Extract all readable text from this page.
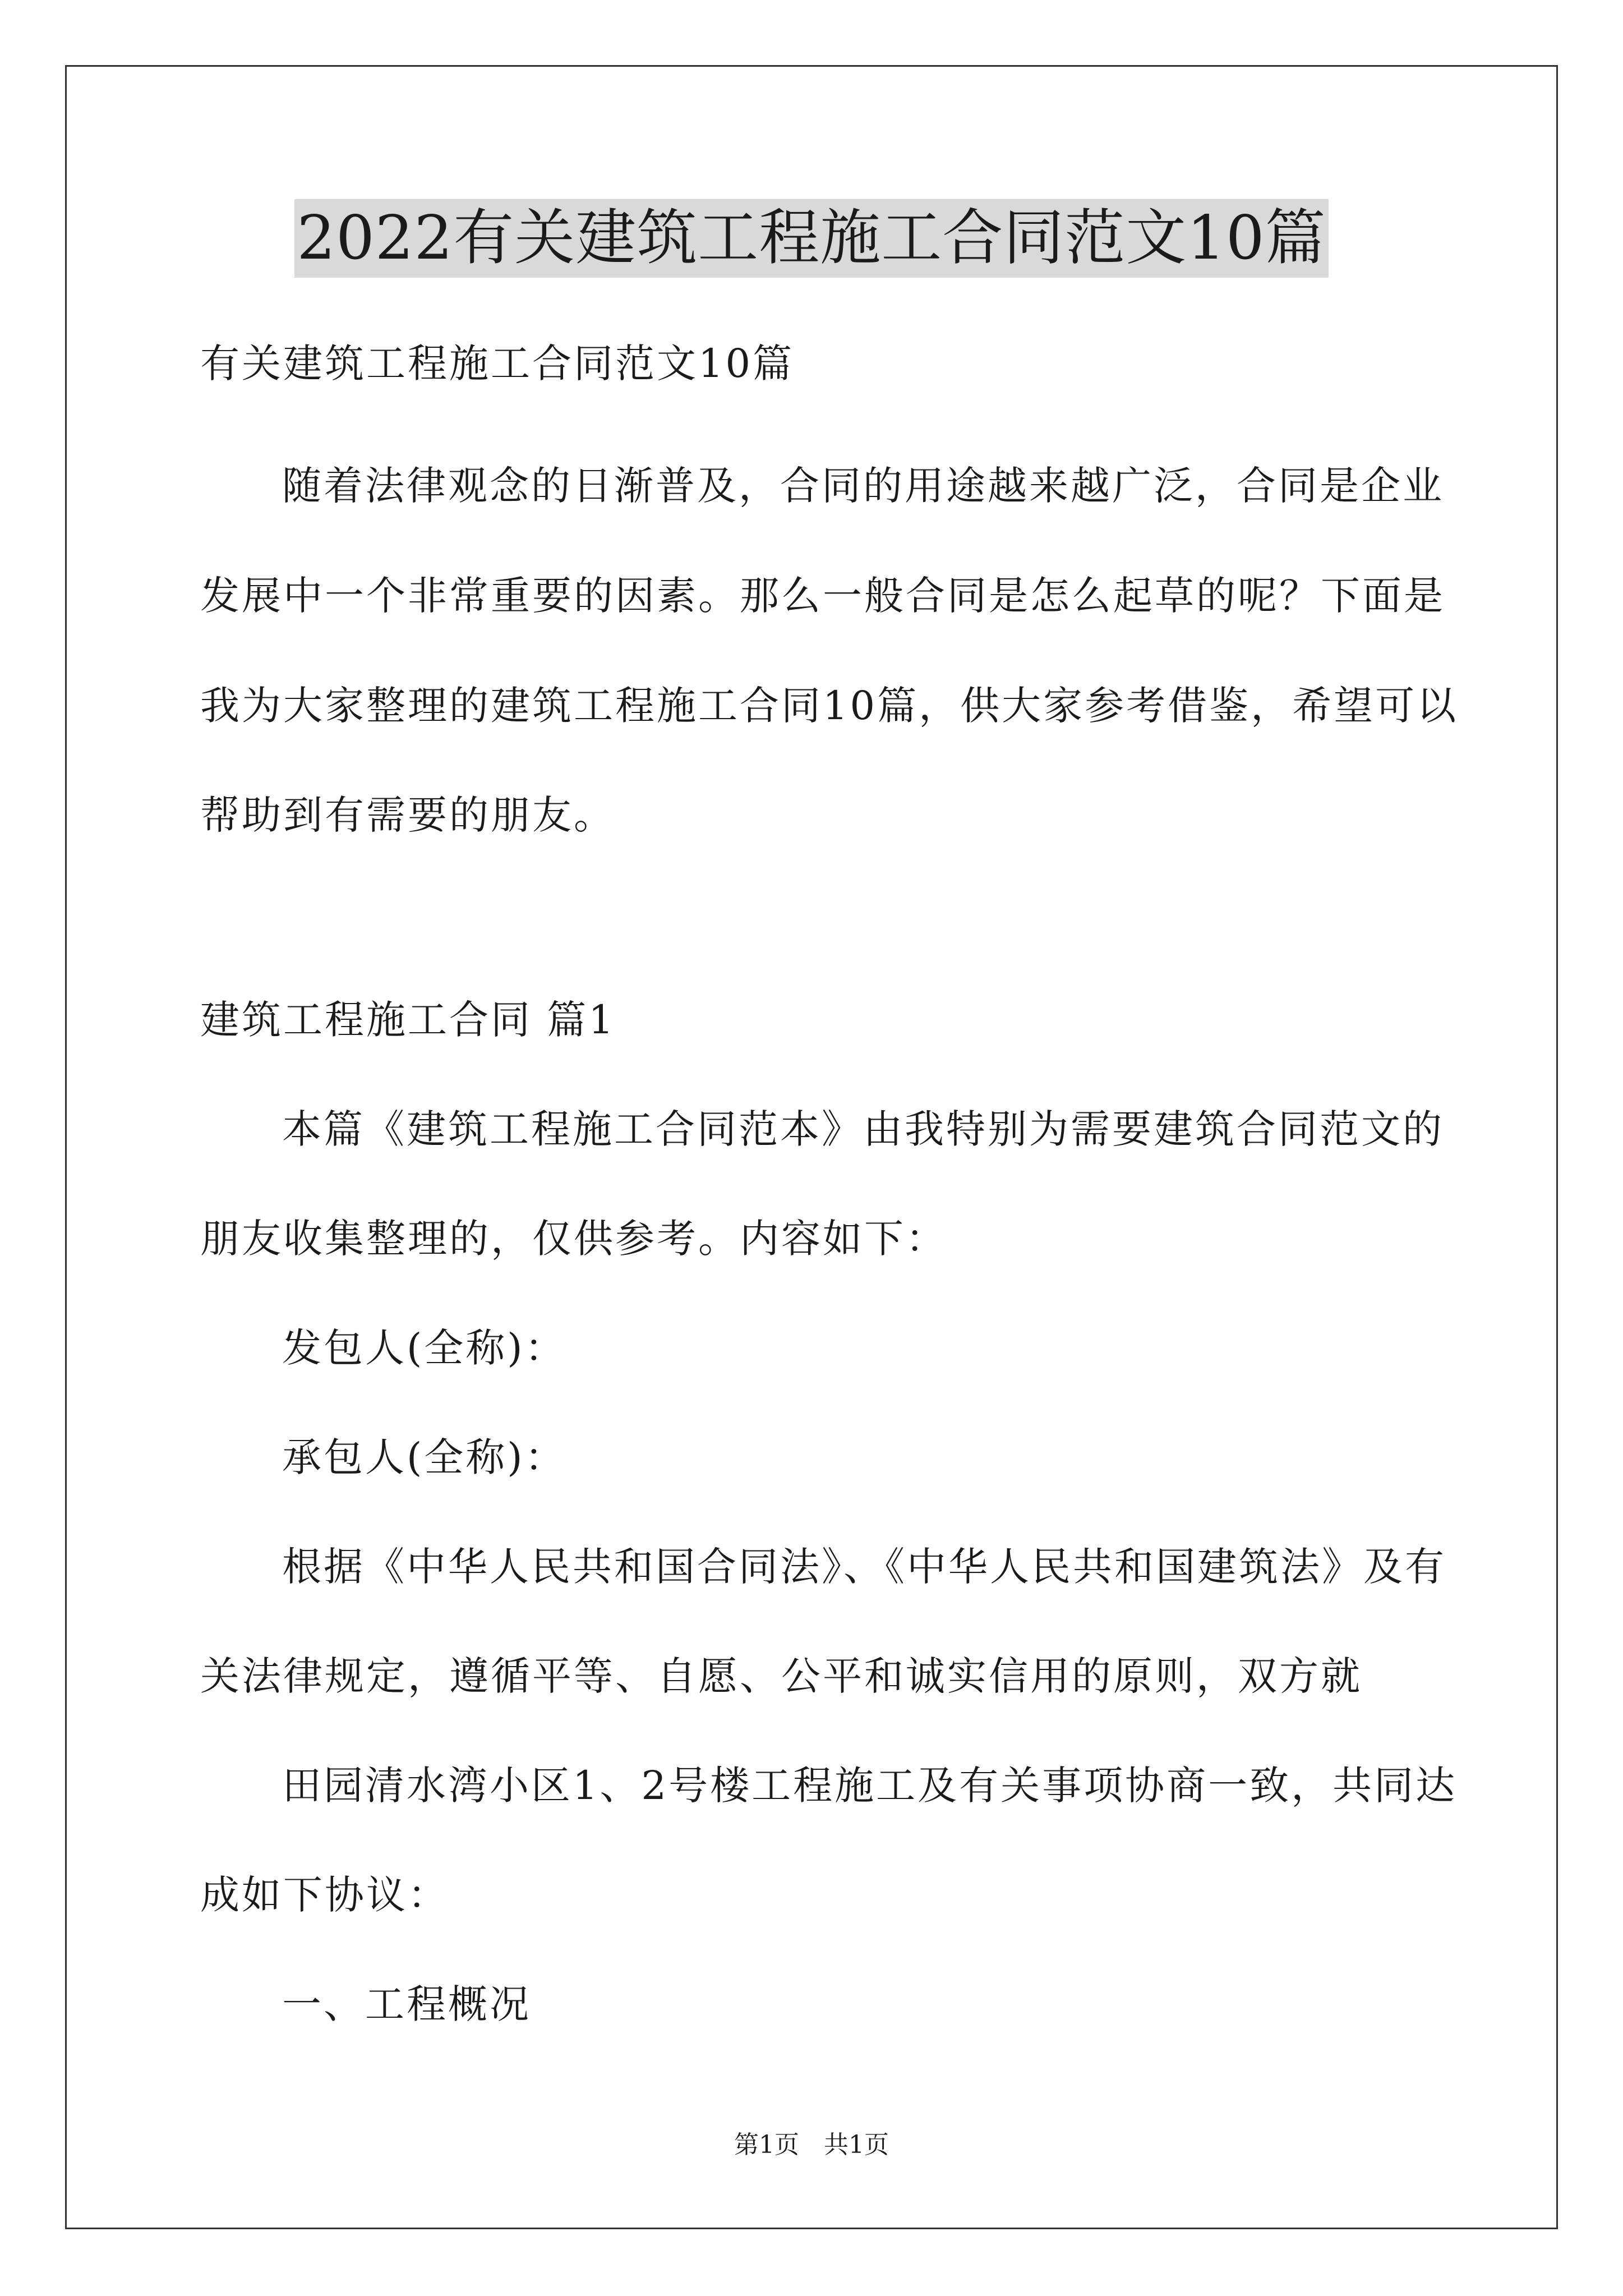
2022有关建筑工程施工合同范文10篇
有关建筑工程施工合同范文10篇
随着法律观念的日渐普及，合同的用途越来越广泛，合同是企业
发展中一个非常重要的因素。那么一般合同是怎么起草的呢？下面是
我为大家整理的建筑工程施工合同10篇，供大家参考借鉴，希望可以
帮助到有需要的朋友。
建筑工程施工合同 篇1
本篇《建筑工程施工合同范本》由我特别为需要建筑合同范文的
朋友收集整理的，仅供参考。内容如下：
发包人(全称)：
承包人(全称)：
根据《中华人民共和国合同法》、《中华人民共和国建筑法》及有
关法律规定，遵循平等、自愿、公平和诚实信用的原则，双方就
田园清水湾小区1、2号楼工程施工及有关事项协商一致，共同达
成如下协议：
一、工程概况
第1页　共1页
